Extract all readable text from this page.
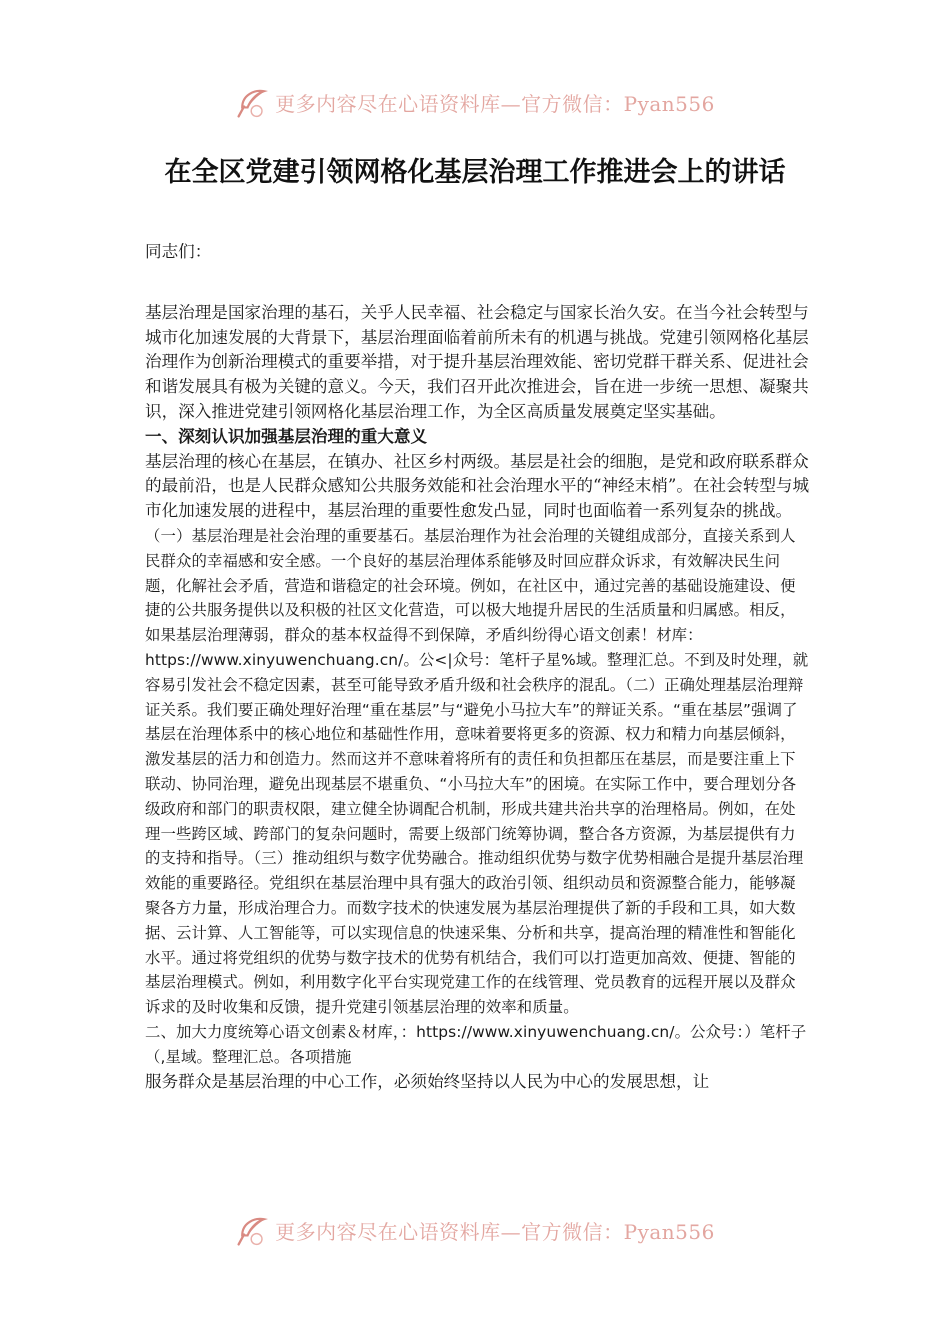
更多内容尽在心语资料库—官方微信：Pyan556
在全区党建引领网格化基层治理工作推进会上的讲话

同志们：

基层治理是国家治理的基石，关乎人民幸福、社会稳定与国家长治久安。在当今社会转型与城市化加速发展的大背景下，基层治理面临着前所未有的机遇与挑战。党建引领网格化基层治理作为创新治理模式的重要举措，对于提升基层治理效能、密切党群干群关系、促进社会和谐发展具有极为关键的意义。今天，我们召开此次推进会，旨在进一步统一思想、凝聚共识，深入推进党建引领网格化基层治理工作，为全区高质量发展奠定坚实基础。

一、深刻认识加强基层治理的重大意义

基层治理的核心在基层，在镇办、社区乡村两级。基层是社会的细胞，是党和政府联系群众的最前沿，也是人民群众感知公共服务效能和社会治理水平的“神经末梢”。在社会转型与城市化加速发展的进程中，基层治理的重要性愈发凸显，同时也面临着一系列复杂的挑战。

（一）基层治理是社会治理的重要基石。基层治理作为社会治理的关键组成部分，直接关系到人民群众的幸福感和安全感。一个良好的基层治理体系能够及时回应群众诉求，有效解决民生问题，化解社会矛盾，营造和谐稳定的社会环境。例如，在社区中，通过完善的基础设施建设、便捷的公共服务提供以及积极的社区文化营造，可以极大地提升居民的生活质量和归属感。相反，如果基层治理薄弱，群众的基本权益得不到保障，矛盾纠纷得心语文创素！材库：https://www.xinyuwenchuang.cn/。公<|众号：笔杆子星%域。整理汇总。不到及时处理，就容易引发社会不稳定因素，甚至可能导致矛盾升级和社会秩序的混乱。（二）正确处理基层治理辩证关系。我们要正确处理好治理“重在基层”与“避免小马拉大车”的辩证关系。“重在基层”强调了基层在治理体系中的核心地位和基础性作用，意味着要将更多的资源、权力和精力向基层倾斜，激发基层的活力和创造力。然而这并不意味着将所有的责任和负担都压在基层，而是要注重上下联动、协同治理，避免出现基层不堪重负、“小马拉大车”的困境。在实际工作中，要合理划分各级政府和部门的职责权限，建立健全协调配合机制，形成共建共治共享的治理格局。例如，在处理一些跨区域、跨部门的复杂问题时，需要上级部门统筹协调，整合各方资源，为基层提供有力的支持和指导。（三）推动组织与数字优势融合。推动组织优势与数字优势相融合是提升基层治理效能的重要路径。党组织在基层治理中具有强大的政治引领、组织动员和资源整合能力，能够凝聚各方力量，形成治理合力。而数字技术的快速发展为基层治理提供了新的手段和工具，如大数据、云计算、人工智能等，可以实现信息的快速采集、分析和共享，提高治理的精准性和智能化水平。通过将党组织的优势与数字技术的优势有机结合，我们可以打造更加高效、便捷、智能的基层治理模式。例如，利用数字化平台实现党建工作的在线管理、党员教育的远程开展以及群众诉求的及时收集和反馈，提升党建引领基层治理的效率和质量。

二、加大力度统筹心语文创素＆材库，：https://www.xinyuwenchuang.cn/。公众号：）笔杆子（,星域。整理汇总。各项措施

服务群众是基层治理的中心工作，必须始终坚持以人民为中心的发展思想，让

更多内容尽在心语资料库—官方微信：Pyan556
